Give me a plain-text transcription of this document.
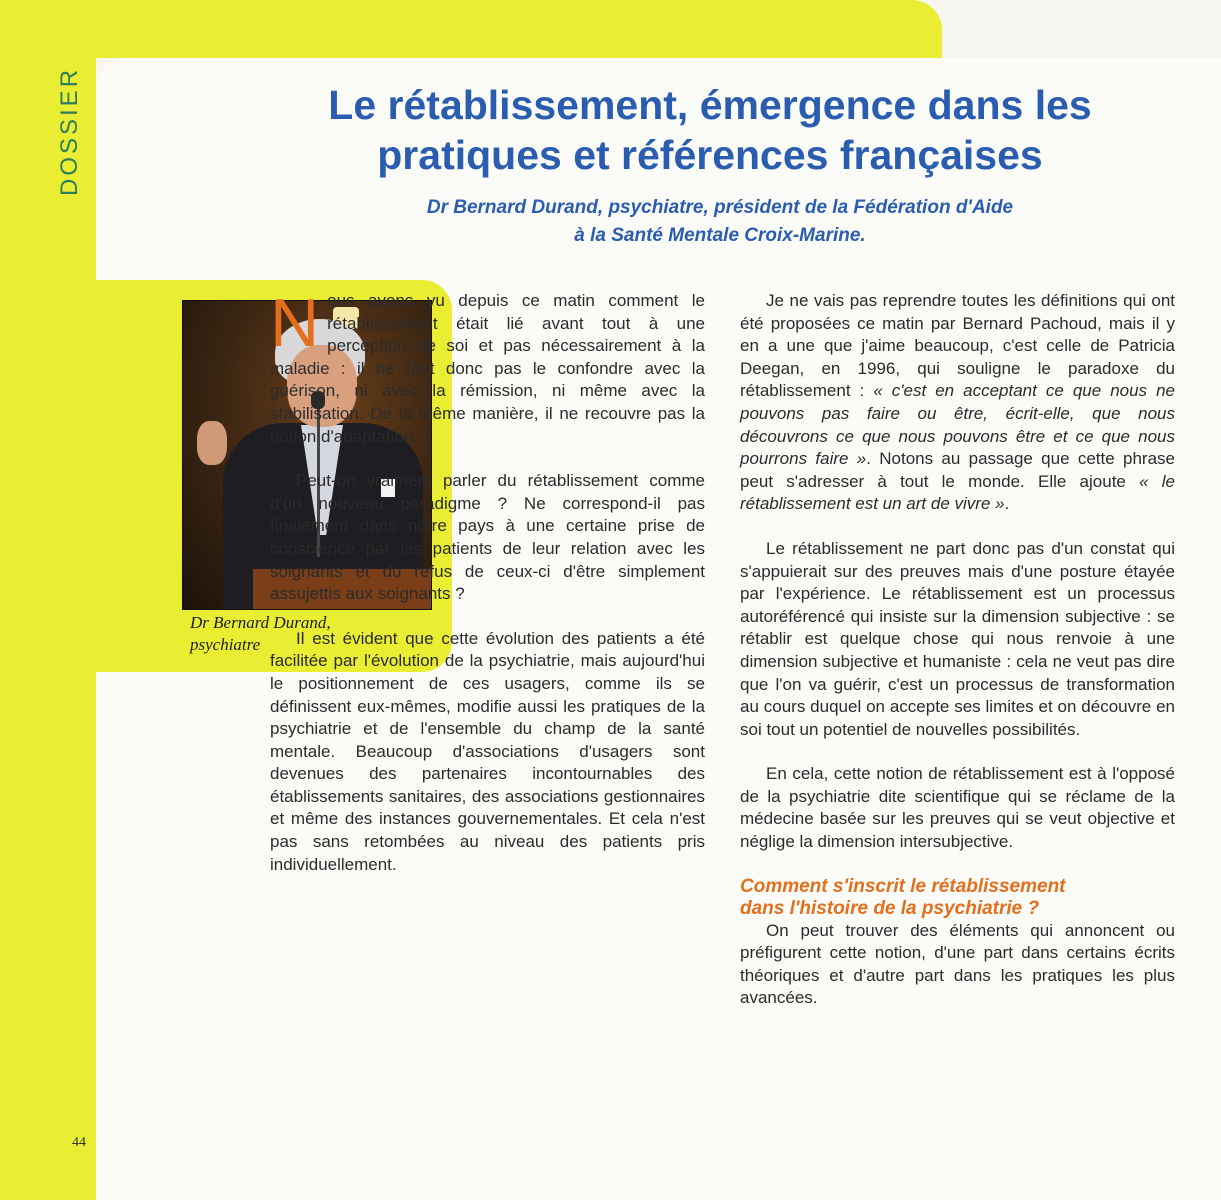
DOSSIER	Le rétablissement, émergence dans les pratiques et références françaises
Dr Bernard Durand, psychiatre, président de la Fédération d'Aide
à la Santé Mentale Croix-Marine.
Dr Bernard Durand,
psychiatre

Nous avons vu depuis ce matin comment le rétablissement était lié avant tout à une perception de soi et pas nécessairement à la maladie : il ne faut donc pas le confondre avec la guérison, ni avec la rémission, ni même avec la stabilisation. De la même manière, il ne recouvre pas la notion d'adaptation.

Peut-on vraiment parler du rétablissement comme d'un nouveau paradigme ? Ne correspond-il pas finalement dans notre pays à une certaine prise de conscience par les patients de leur relation avec les soignants et du refus de ceux-ci d'être simplement assujettis aux soignants ?

Il est évident que cette évolution des patients a été facilitée par l'évolution de la psychiatrie, mais aujourd'hui le positionnement de ces usagers, comme ils se définissent eux-mêmes, modifie aussi les pratiques de la psychiatrie et de l'ensemble du champ de la santé mentale. Beaucoup d'associations d'usagers sont devenues des partenaires incontournables des établissements sanitaires, des associations gestionnaires et même des instances gouvernementales. Et cela n'est pas sans retombées au niveau des patients pris individuellement.

Je ne vais pas reprendre toutes les définitions qui ont été proposées ce matin par Bernard Pachoud, mais il y en a une que j'aime beaucoup, c'est celle de Patricia Deegan, en 1996, qui souligne le paradoxe du rétablissement : « c'est en acceptant ce que nous ne pouvons pas faire ou être, écrit-elle, que nous découvrons ce que nous pouvons être et ce que nous pourrons faire ». Notons au passage que cette phrase peut s'adresser à tout le monde. Elle ajoute « le rétablissement est un art de vivre ».

Le rétablissement ne part donc pas d'un constat qui s'appuierait sur des preuves mais d'une posture étayée par l'expérience. Le rétablissement est un processus autoréférencé qui insiste sur la dimension subjective : se rétablir est quelque chose qui nous renvoie à une dimension subjective et humaniste : cela ne veut pas dire que l'on va guérir, c'est un processus de transformation au cours duquel on accepte ses limites et on découvre en soi tout un potentiel de nouvelles possibilités.

En cela, cette notion de rétablissement est à l'opposé de la psychiatrie dite scientifique qui se réclame de la médecine basée sur les preuves qui se veut objective et néglige la dimension intersubjective.

Comment s'inscrit le rétablissement
dans l'histoire de la psychiatrie ?

On peut trouver des éléments qui annoncent ou préfigurent cette notion, d'une part dans certains écrits théoriques et d'autre part dans les pratiques les plus avancées.

44
